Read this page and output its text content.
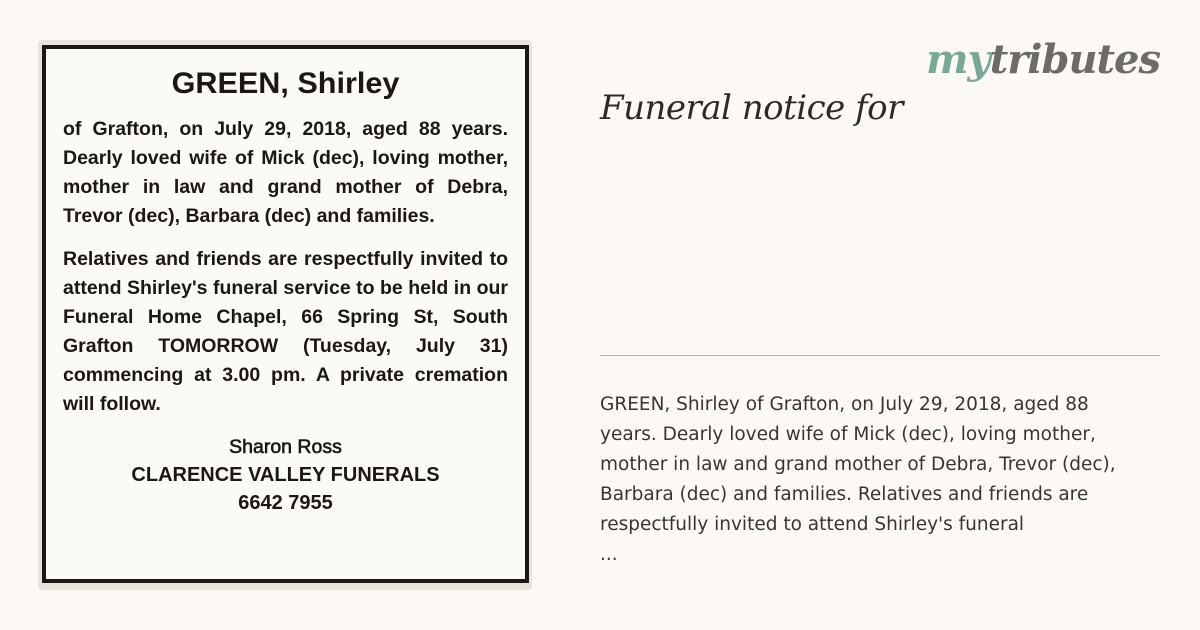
GREEN, Shirley

of Grafton, on July 29, 2018, aged 88 years. Dearly loved wife of Mick (dec), loving mother, mother in law and grand mother of Debra, Trevor (dec), Barbara (dec) and families.

Relatives and friends are respectfully invited to attend Shirley's funeral service to be held in our Funeral Home Chapel, 66 Spring St, South Grafton TOMORROW (Tuesday, July 31) commencing at 3.00 pm. A private cremation will follow.

Sharon Ross
CLARENCE VALLEY FUNERALS
6642 7955
mytributes
Funeral notice for

GREEN, Shirley of Grafton, on July 29, 2018, aged 88 years. Dearly loved wife of Mick (dec), loving mother, mother in law and grand mother of Debra, Trevor (dec), Barbara (dec) and families. Relatives and friends are respectfully invited to attend Shirley's funeral

...
